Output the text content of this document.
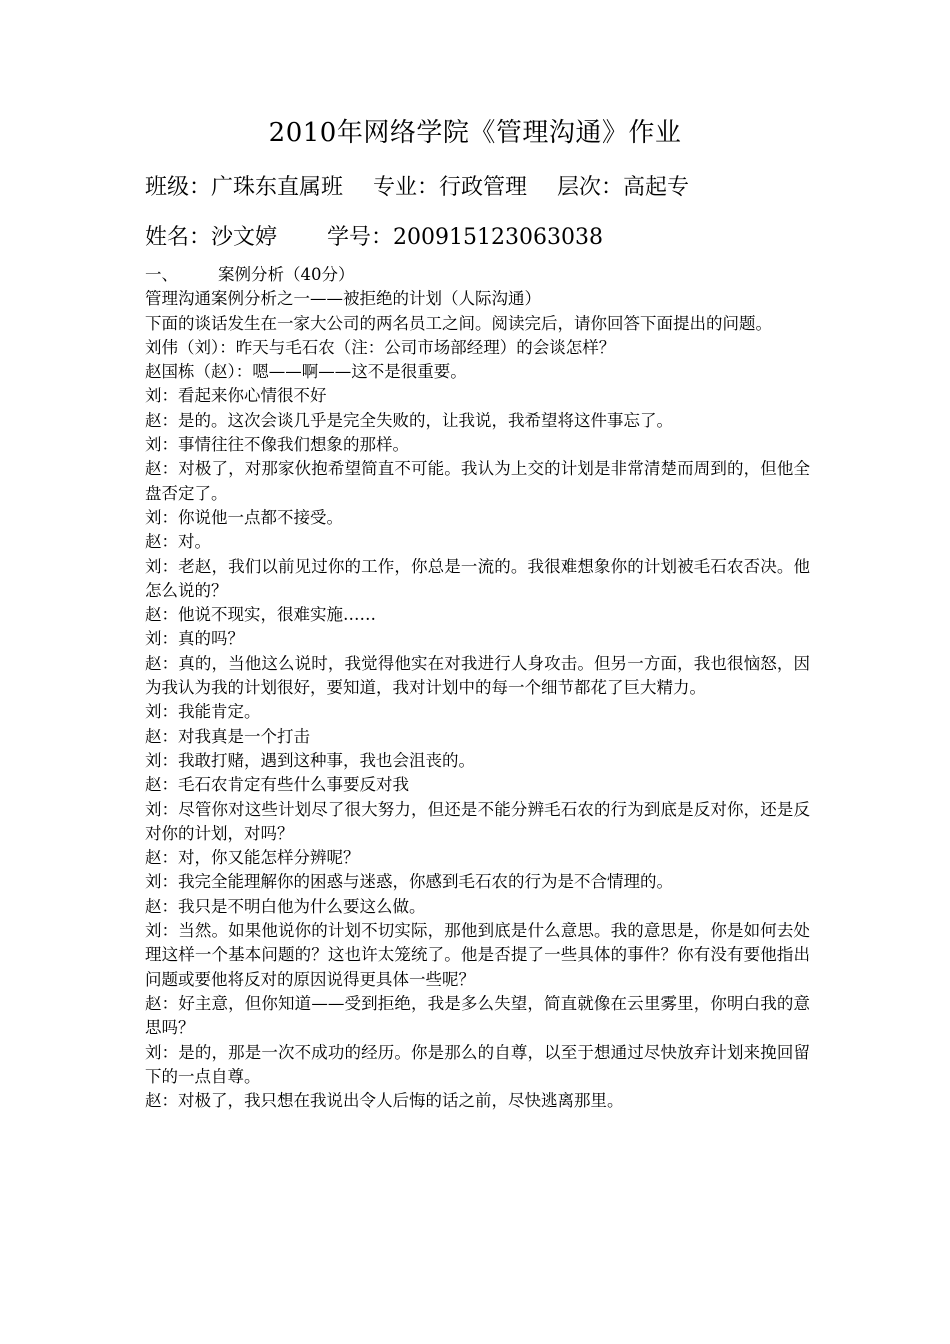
2010年网络学院《管理沟通》作业
班级：广珠东直属班 专业：行政管理 层次：高起专
姓名：沙文婷 学号：200915123063038

一、 案例分析（40分）

管理沟通案例分析之一——被拒绝的计划（人际沟通）

下面的谈话发生在一家大公司的两名员工之间。阅读完后，请你回答下面提出的问题。

刘伟（刘）：昨天与毛石农（注：公司市场部经理）的会谈怎样？

赵国栋（赵）：嗯——啊——这不是很重要。

刘：看起来你心情很不好

赵：是的。这次会谈几乎是完全失败的，让我说，我希望将这件事忘了。

刘：事情往往不像我们想象的那样。

赵：对极了，对那家伙抱希望简直不可能。我认为上交的计划是非常清楚而周到的，但他全盘否定了。

刘：你说他一点都不接受。

赵：对。

刘：老赵，我们以前见过你的工作，你总是一流的。我很难想象你的计划被毛石农否决。他怎么说的？

赵：他说不现实，很难实施……

刘：真的吗？

赵：真的，当他这么说时，我觉得他实在对我进行人身攻击。但另一方面，我也很恼怒，因为我认为我的计划很好，要知道，我对计划中的每一个细节都花了巨大精力。

刘：我能肯定。

赵：对我真是一个打击

刘：我敢打赌，遇到这种事，我也会沮丧的。

赵：毛石农肯定有些什么事要反对我

刘：尽管你对这些计划尽了很大努力，但还是不能分辨毛石农的行为到底是反对你，还是反对你的计划，对吗？

赵：对，你又能怎样分辨呢？

刘：我完全能理解你的困惑与迷惑，你感到毛石农的行为是不合情理的。

赵：我只是不明白他为什么要这么做。

刘：当然。如果他说你的计划不切实际，那他到底是什么意思。我的意思是，你是如何去处理这样一个基本问题的？这也许太笼统了。他是否提了一些具体的事件？你有没有要他指出问题或要他将反对的原因说得更具体一些呢？

赵：好主意，但你知道——受到拒绝，我是多么失望，简直就像在云里雾里，你明白我的意思吗？

刘：是的，那是一次不成功的经历。你是那么的自尊，以至于想通过尽快放弃计划来挽回留下的一点自尊。

赵：对极了，我只想在我说出令人后悔的话之前，尽快逃离那里。
